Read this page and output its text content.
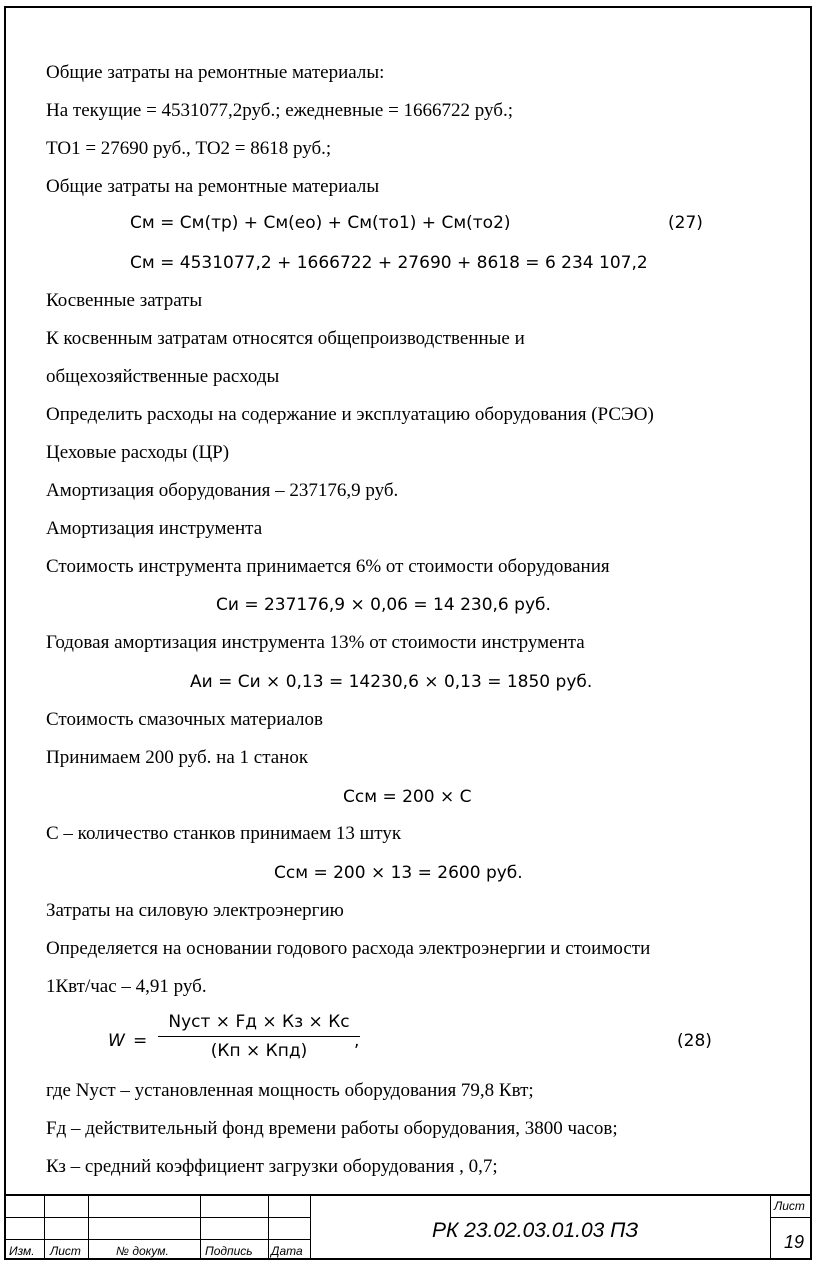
Общие затраты на ремонтные материалы:
На текущие = 4531077,2руб.; ежедневные = 1666722 руб.;
ТО1 = 27690 руб., ТО2 = 8618 руб.;
Общие затраты на ремонтные материалы
См = См(тр) + См(ео) + См(то1) + См(то2)	(27)
См = 4531077,2 + 1666722 + 27690 + 8618 = 6 234 107,2
Косвенные затраты
К косвенным затратам относятся общепроизводственные и
общехозяйственные расходы
Определить расходы на содержание и эксплуатацию оборудования (РСЭО)
Цеховые расходы (ЦР)
Амортизация оборудования – 237176,9 руб.
Амортизация инструмента
Стоимость инструмента принимается 6% от стоимости оборудования
Си = 237176,9 × 0,06 = 14 230,6 руб.
Годовая амортизация инструмента 13% от стоимости инструмента
Аи = Си × 0,13 = 14230,6 × 0,13 = 1850 руб.
Стоимость смазочных материалов
Принимаем 200 руб. на 1 станок
Ссм = 200 × С
С – количество станков принимаем 13 штук
Ссм = 200 × 13 = 2600 руб.
Затраты на силовую электроэнергию
Определяется на основании годового расхода электроэнергии и стоимости
1Квт/час – 4,91 руб.
W =
Nуст × Fд × Кз × Кс
(Кп × Кпд)	,	(28)
где Nуст – установленная мощность оборудования 79,8 Квт;
Fд – действительный фонд времени работы оборудования, 3800 часов;
Кз – средний коэффициент загрузки оборудования , 0,7;
Изм. Лист	№ докум.	Подпись Дата
РК 23.02.03.01.03 ПЗ
Лист
19
